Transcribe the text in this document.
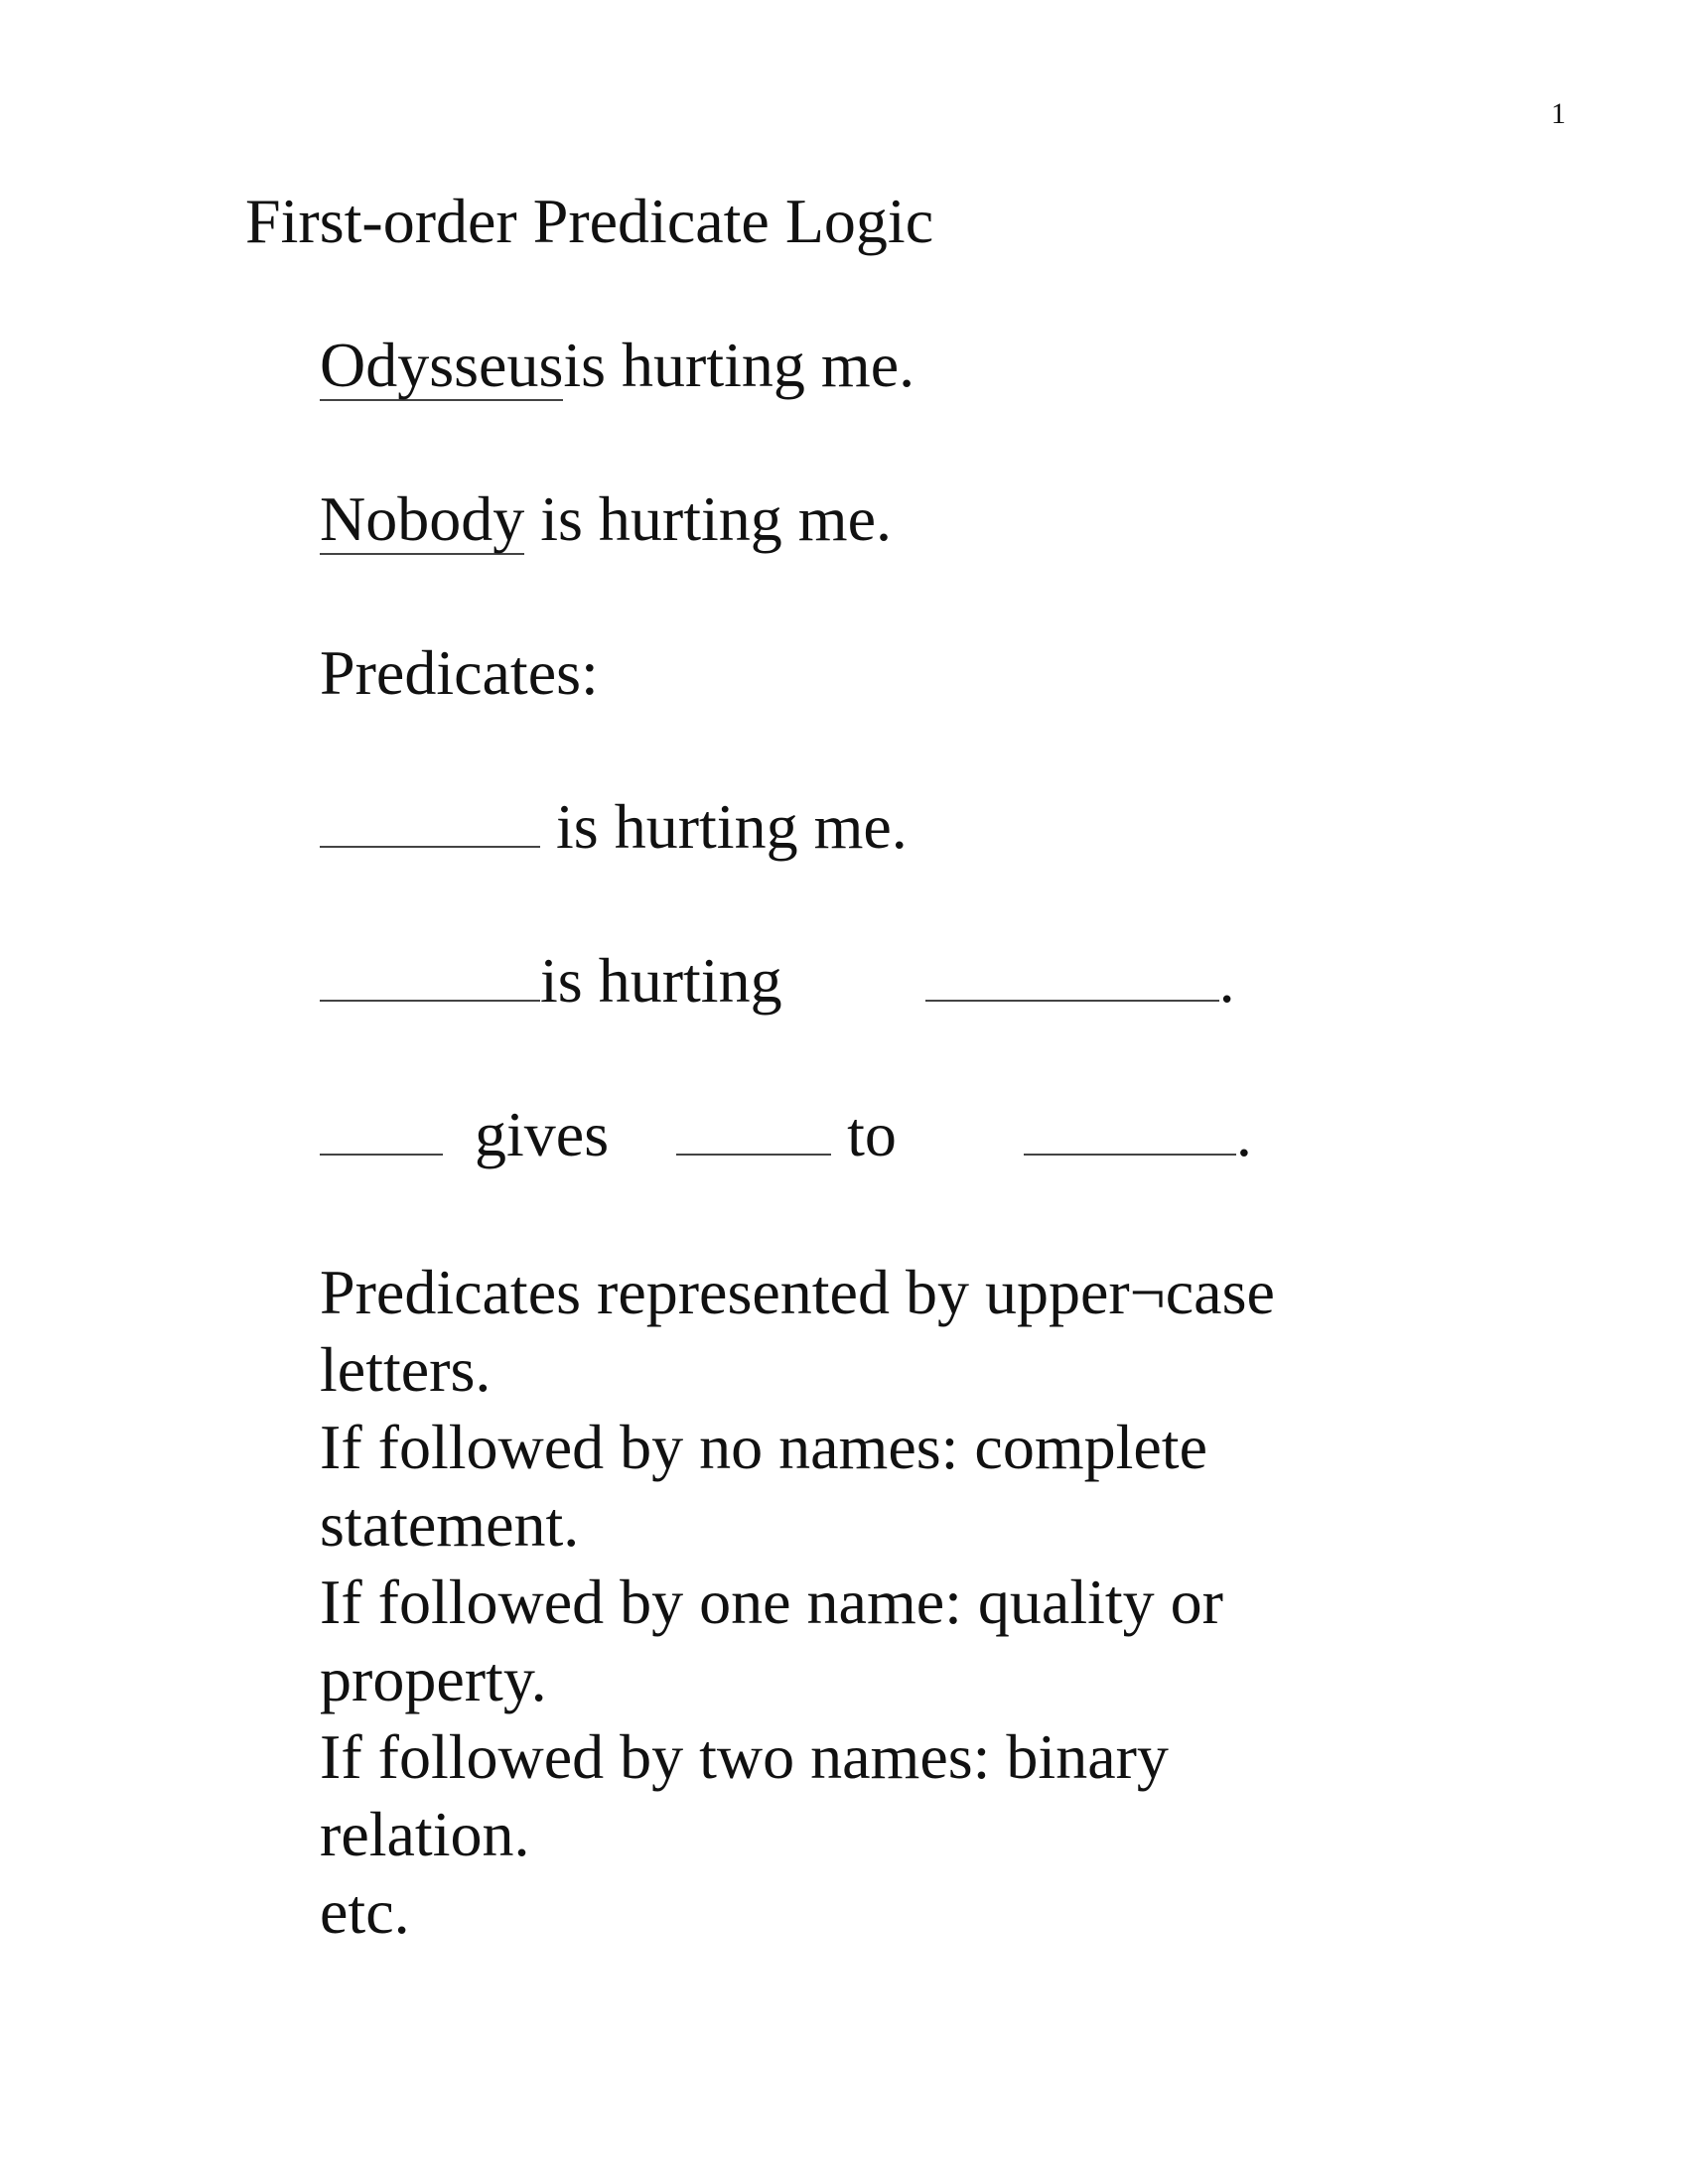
1
First-order Predicate Logic
Odysseusis hurting me.
Nobody is hurting me.
Predicates:
is hurting me.
is hurting	.
gives	to	.
Predicates represented by upper¬case
letters.
If followed by no names: complete
statement.
If followed by one name: quality or
property.
If followed by two names: binary
relation.
etc.
